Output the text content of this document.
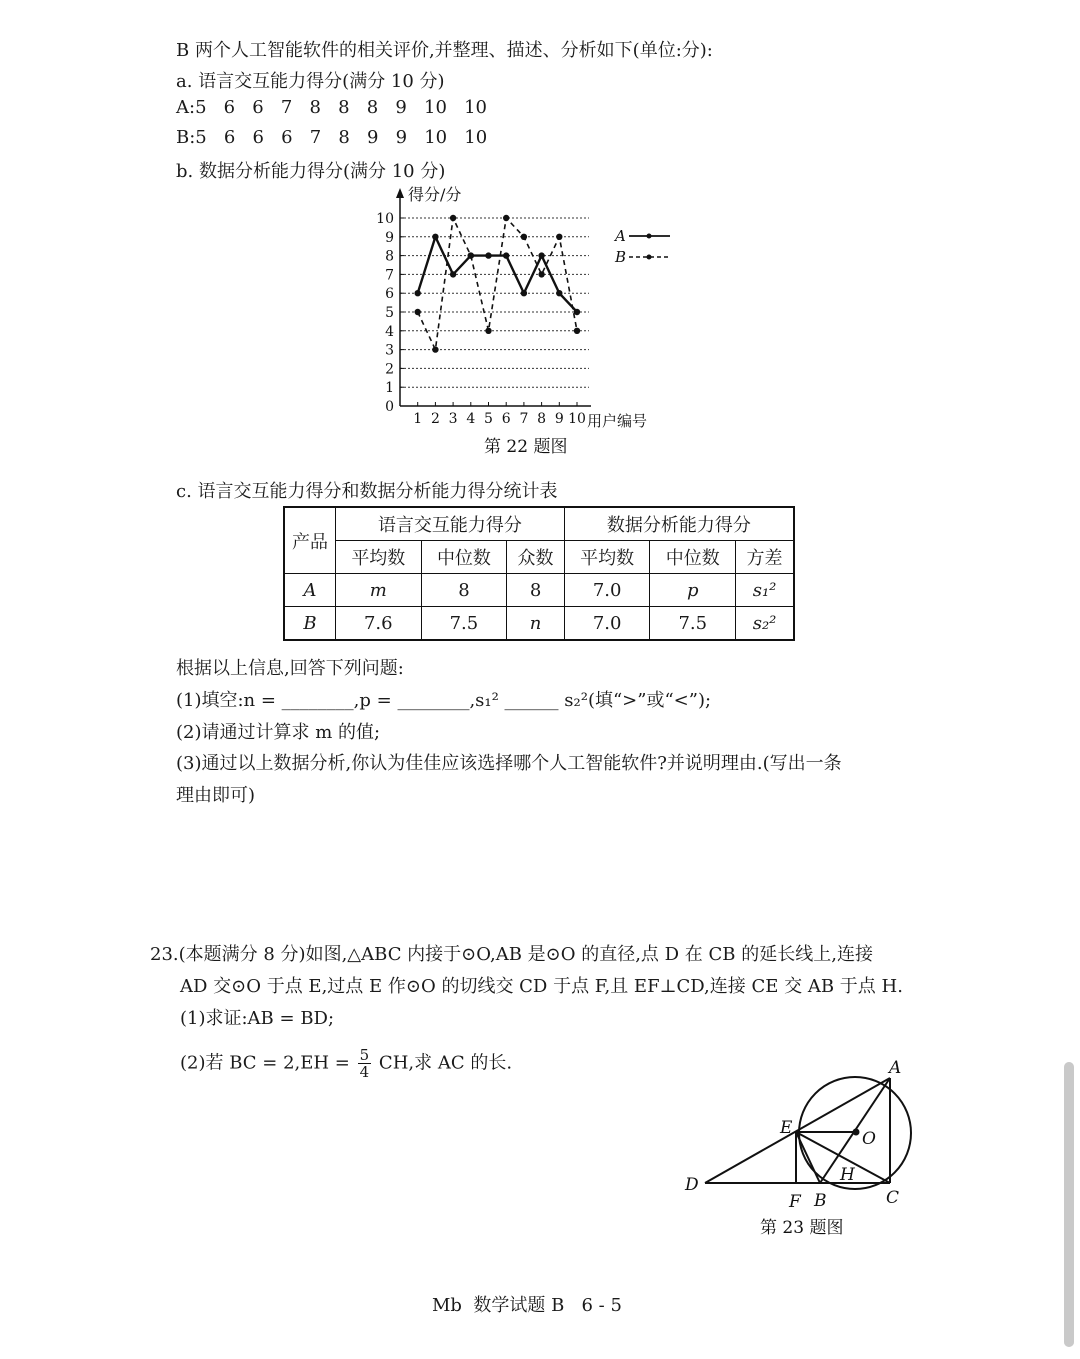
B 两个人工智能软件的相关评价,并整理、描述、分析如下(单位:分):
a. 语言交互能力得分(满分 10 分)
A:5   6   6   7   8   8   8   9   10   10
B:5   6   6   6   7   8   9   9   10   10
b. 数据分析能力得分(满分 10 分)
0
1
2
3
4
5
6
7
8
9
10
1 2 3 4 5 6 7 8 9 10
得分/分
用户编号
A
B
第 22 题图
c. 语言交互能力得分和数据分析能力得分统计表
产品	语言交互能力得分			数据分析能力得分		
	平均数	中位数	众数	平均数	中位数	方差
A	m	8	8	7.0	p	s₁²
B	7.6	7.5	n	7.0	7.5	s₂²
根据以上信息,回答下列问题:
(1)填空:n = ________,p = ________,s₁² ______ s₂²(填“>”或“<”);
(2)请通过计算求 m 的值;
(3)通过以上数据分析,你认为佳佳应该选择哪个人工智能软件?并说明理由.(写出一条
理由即可)
23.(本题满分 8 分)如图,△ABC 内接于⊙O,AB 是⊙O 的直径,点 D 在 CB 的延长线上,连接
AD 交⊙O 于点 E,过点 E 作⊙O 的切线交 CD 于点 F,且 EF⊥CD,连接 CE 交 AB 于点 H.
(1)求证:AB = BD;
(2)若 BC = $2,EH = \frac{5}{4}$ CH,求 AC 的长.	A
E
O
H
D
F B	C
第 23 题图
Mb  数学试题 B   6 - 5
